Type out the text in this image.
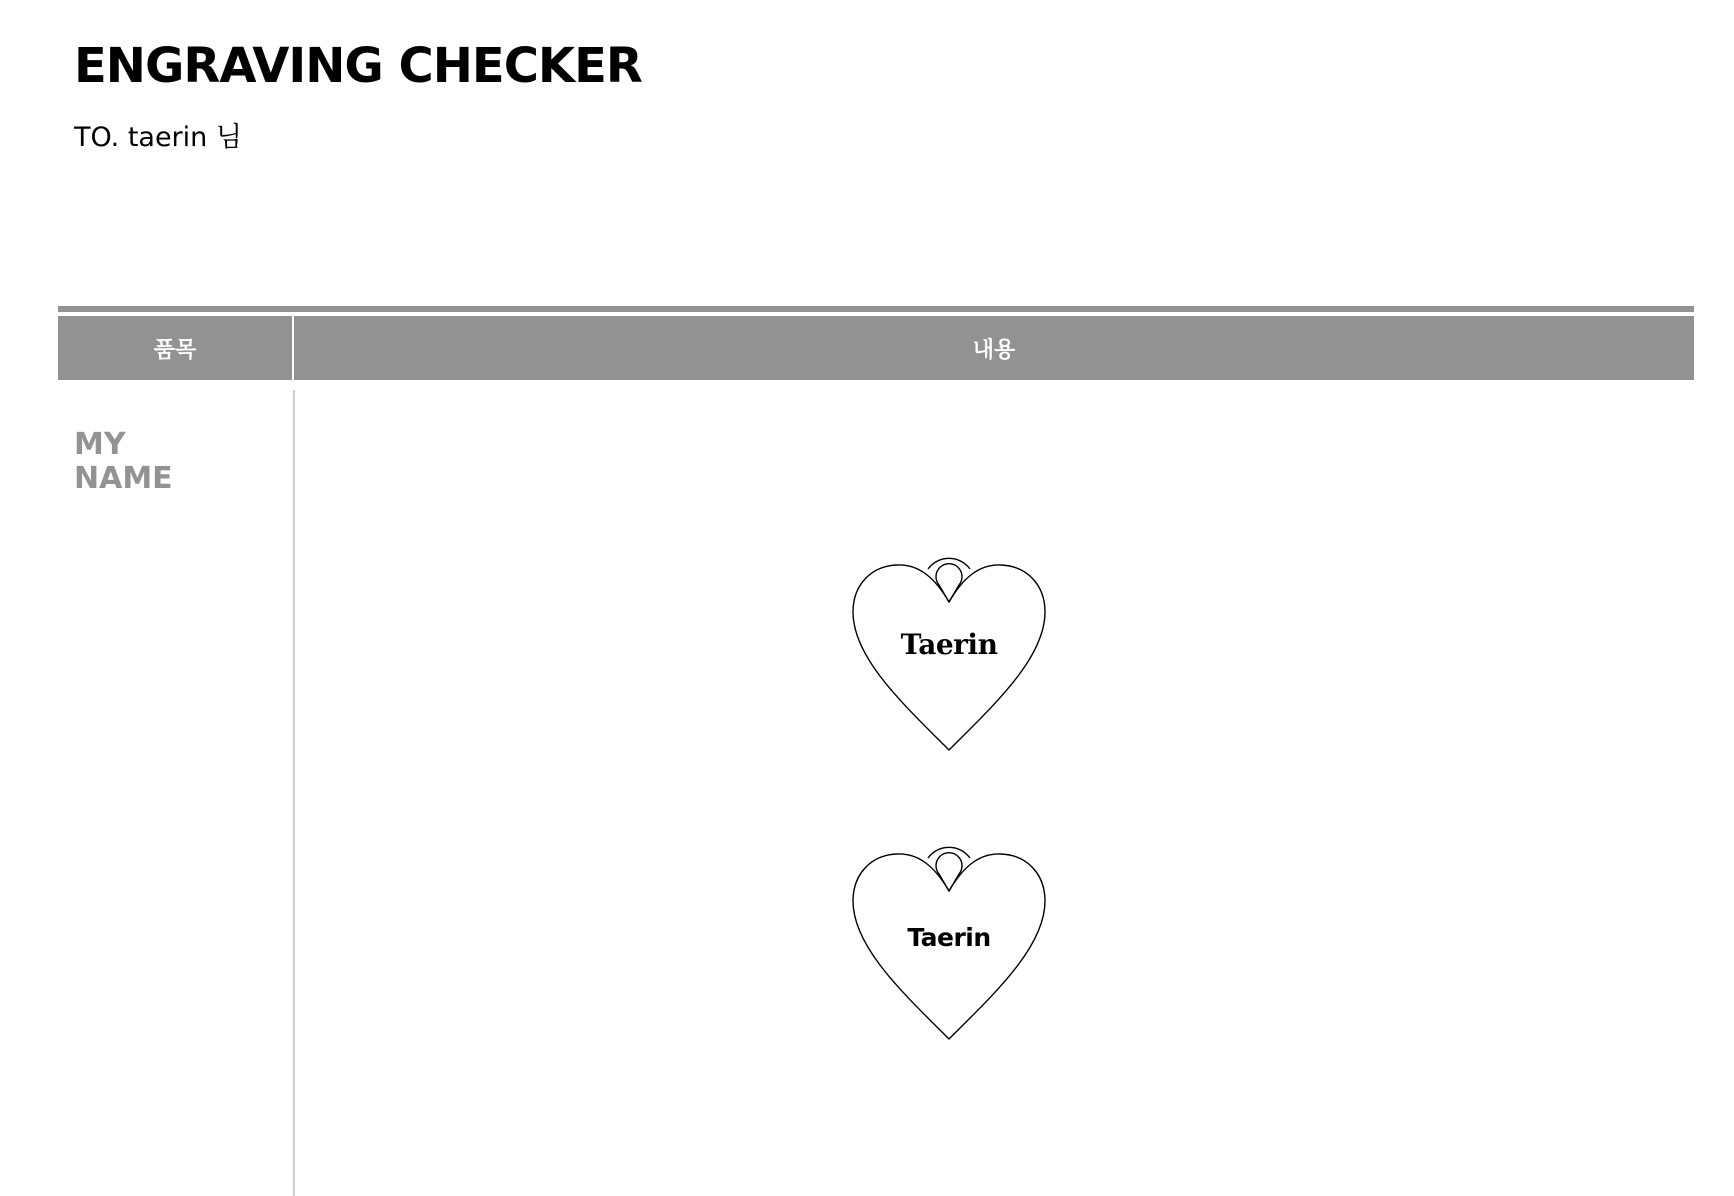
ENGRAVING CHECKER
TO. taerin 님
품목	내용
MY
NAME
Taerin
Taerin
